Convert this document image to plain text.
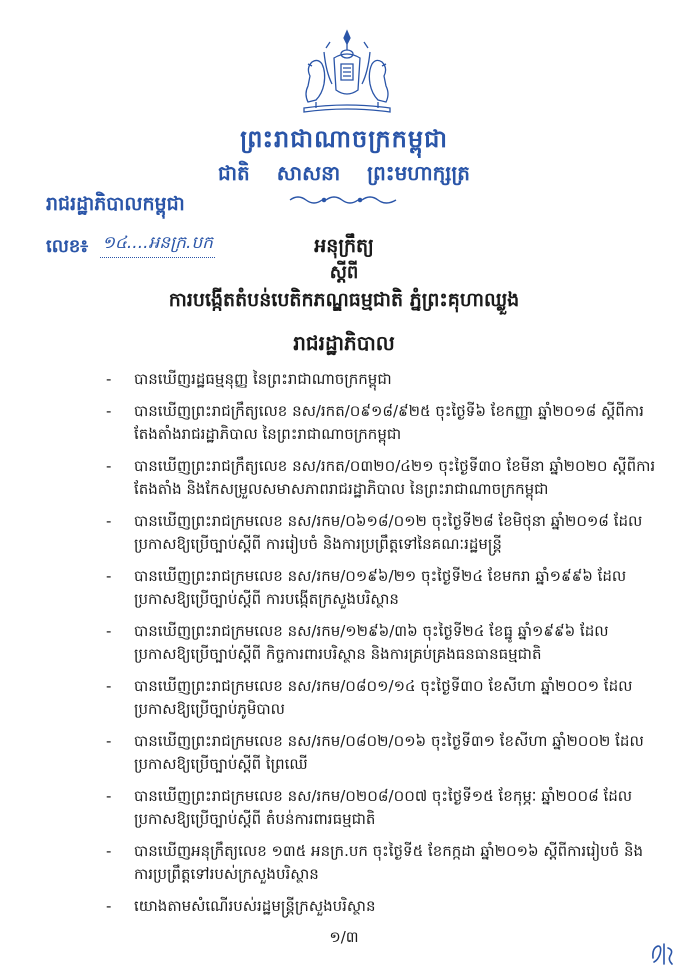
ព្រះរាជាណាចក្រកម្ពុជា
ជាតិ សាសនា ព្រះមហាក្សត្រ
រាជរដ្ឋាភិបាលកម្ពុជា
លេខ៖ ១៤....អនក្រ.បក	អនុក្រឹត្យ
ស្តីពី
ការបង្កើតតំបន់បេតិកភណ្ឌធម្មជាតិ ភ្នំព្រះគុហាឈ្លួង
រាជរដ្ឋាភិបាល
- បានឃើញរដ្ឋធម្មនុញ្ញ នៃព្រះរាជាណាចក្រកម្ពុជា
- បានឃើញព្រះរាជក្រឹត្យលេខ នស/រកត/០៩១៨/៩២៥ ចុះថ្ងៃទី៦ ខែកញ្ញា ឆ្នាំ២០១៨ ស្តីពីការតែងតាំងរាជរដ្ឋាភិបាល នៃព្រះរាជាណាចក្រកម្ពុជា
- បានឃើញព្រះរាជក្រឹត្យលេខ នស/រកត/០៣២០/៤២១ ចុះថ្ងៃទី៣០ ខែមីនា ឆ្នាំ២០២០ ស្តីពីការតែងតាំង និងកែសម្រួលសមាសភាពរាជរដ្ឋាភិបាល នៃព្រះរាជាណាចក្រកម្ពុជា
- បានឃើញព្រះរាជក្រមលេខ នស/រកម/០៦១៨/០១២ ចុះថ្ងៃទី២៨ ខែមិថុនា ឆ្នាំ២០១៨ ដែលប្រកាសឱ្យប្រើច្បាប់ស្តីពី ការរៀបចំ និងការប្រព្រឹត្តទៅនៃគណៈរដ្ឋមន្ត្រី
- បានឃើញព្រះរាជក្រមលេខ នស/រកម/០១៩៦/២១ ចុះថ្ងៃទី២៤ ខែមករា ឆ្នាំ១៩៩៦ ដែលប្រកាសឱ្យប្រើច្បាប់ស្តីពី ការបង្កើតក្រសួងបរិស្ថាន
- បានឃើញព្រះរាជក្រមលេខ នស/រកម/១២៩៦/៣៦ ចុះថ្ងៃទី២៤ ខែធ្នូ ឆ្នាំ១៩៩៦ ដែលប្រកាសឱ្យប្រើច្បាប់ស្តីពី កិច្ចការពារបរិស្ថាន និងការគ្រប់គ្រងធនធានធម្មជាតិ
- បានឃើញព្រះរាជក្រមលេខ នស/រកម/០៨០១/១៤ ចុះថ្ងៃទី៣០ ខែសីហា ឆ្នាំ២០០១ ដែលប្រកាសឱ្យប្រើច្បាប់ភូមិបាល
- បានឃើញព្រះរាជក្រមលេខ នស/រកម/០៨០២/០១៦ ចុះថ្ងៃទី៣១ ខែសីហា ឆ្នាំ២០០២ ដែលប្រកាសឱ្យប្រើច្បាប់ស្តីពី ព្រៃឈើ
- បានឃើញព្រះរាជក្រមលេខ នស/រកម/០២០៨/០០៧ ចុះថ្ងៃទី១៥ ខែកុម្ភៈ ឆ្នាំ២០០៨ ដែលប្រកាសឱ្យប្រើច្បាប់ស្តីពី តំបន់ការពារធម្មជាតិ
- បានឃើញអនុក្រឹត្យលេខ ១៣៥ អនក្រ.បក ចុះថ្ងៃទី៥ ខែកក្កដា ឆ្នាំ២០១៦ ស្តីពីការរៀបចំ និងការប្រព្រឹត្តទៅរបស់ក្រសួងបរិស្ថាន
- យោងតាមសំណើរបស់រដ្ឋមន្ត្រីក្រសួងបរិស្ថាន
១/៣
